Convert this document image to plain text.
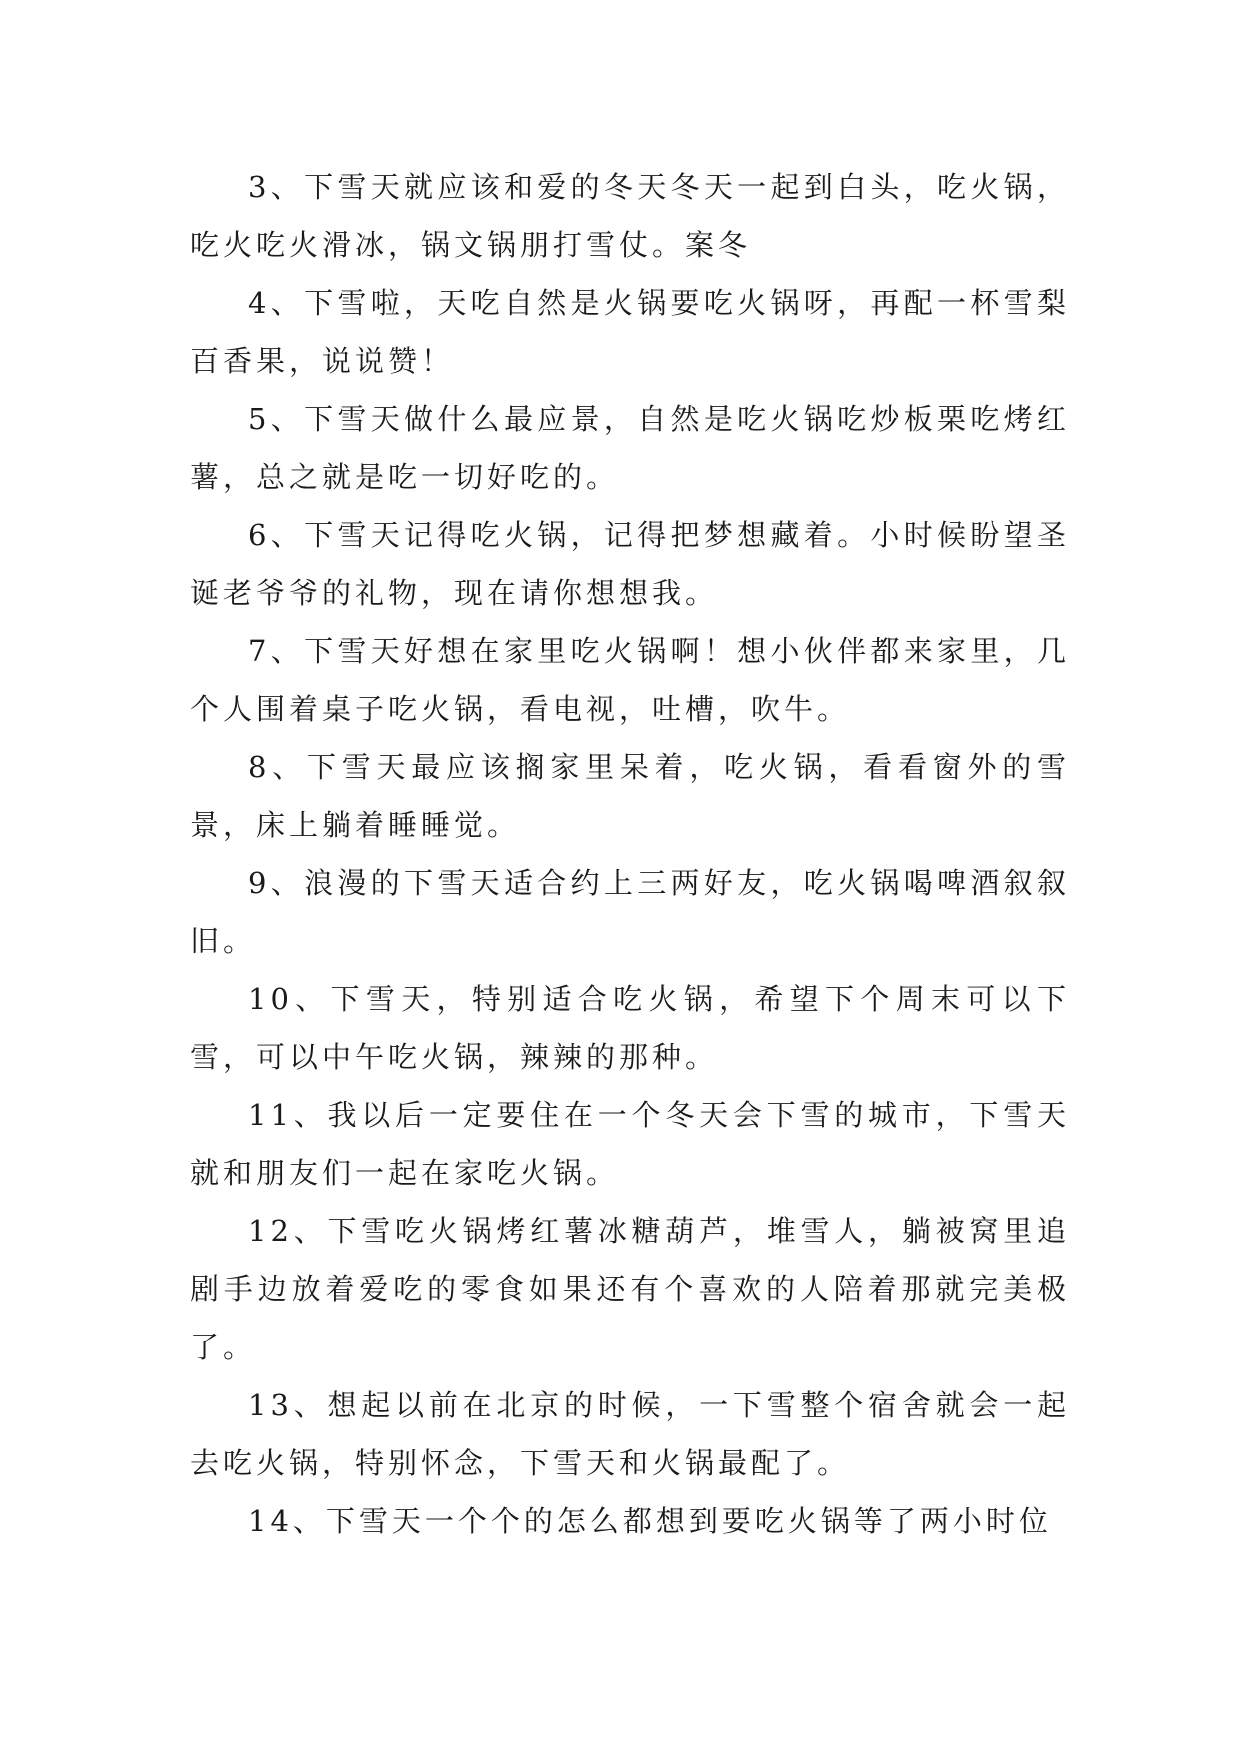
3、下雪天就应该和爱的冬天冬天一起到白头，吃火锅，吃火吃火滑冰，锅文锅朋打雪仗。案冬

4、下雪啦，天吃自然是火锅要吃火锅呀，再配一杯雪梨百香果，说说赞！

5、下雪天做什么最应景，自然是吃火锅吃炒板栗吃烤红薯，总之就是吃一切好吃的。

6、下雪天记得吃火锅，记得把梦想藏着。小时候盼望圣诞老爷爷的礼物，现在请你想想我。

7、下雪天好想在家里吃火锅啊！想小伙伴都来家里，几个人围着桌子吃火锅，看电视，吐槽，吹牛。

8、下雪天最应该搁家里呆着，吃火锅，看看窗外的雪景，床上躺着睡睡觉。

9、浪漫的下雪天适合约上三两好友，吃火锅喝啤酒叙叙旧。

10、下雪天，特别适合吃火锅，希望下个周末可以下雪，可以中午吃火锅，辣辣的那种。

11、我以后一定要住在一个冬天会下雪的城市，下雪天就和朋友们一起在家吃火锅。

12、下雪吃火锅烤红薯冰糖葫芦，堆雪人，躺被窝里追剧手边放着爱吃的零食如果还有个喜欢的人陪着那就完美极了。

13、想起以前在北京的时候，一下雪整个宿舍就会一起去吃火锅，特别怀念，下雪天和火锅最配了。

14、下雪天一个个的怎么都想到要吃火锅等了两小时位
